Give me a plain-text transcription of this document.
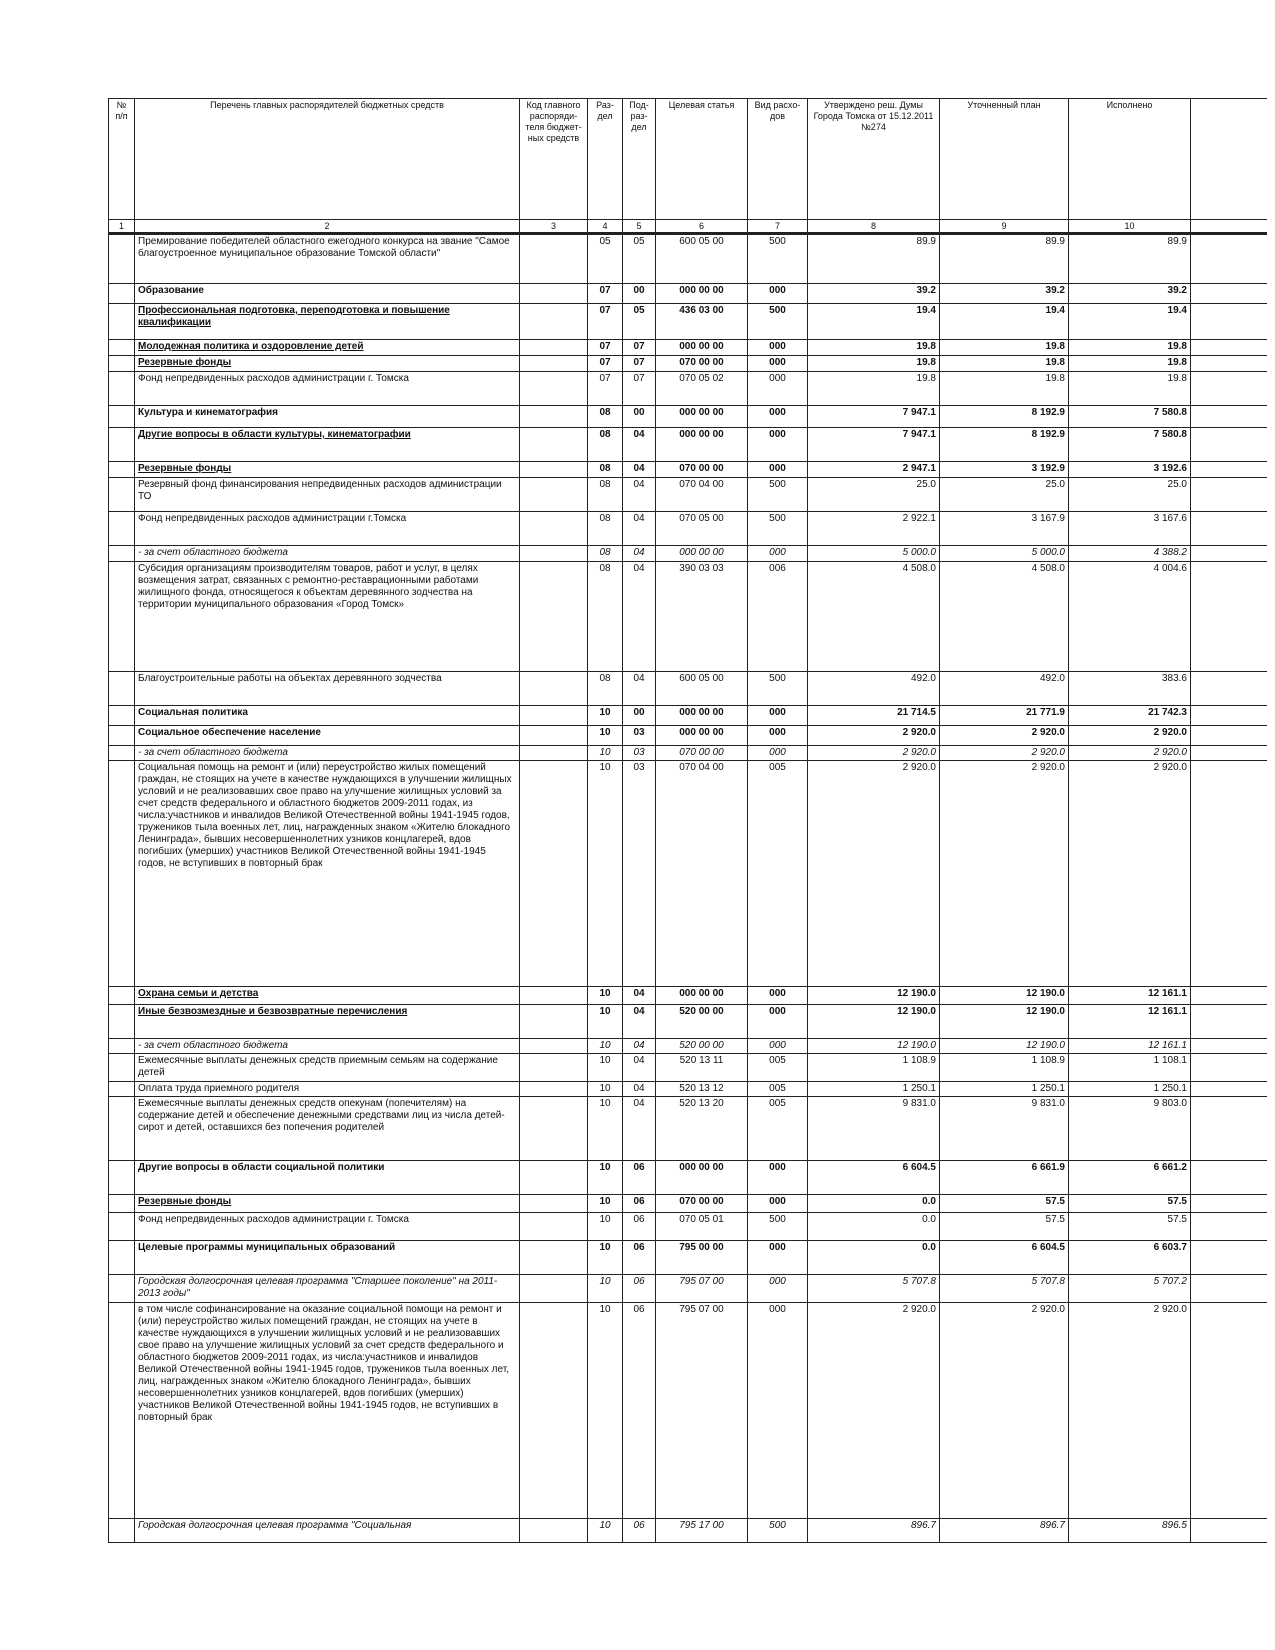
№ п/п	Перечень главных распорядителей бюджетных средств	Код главного распоряди-теля бюджет-ных средств	Раз-дел	Под-раз-дел	Целевая статья	Вид расхо-дов	Утверждено реш. Думы Города Томска от 15.12.2011 №274	Уточненный план	Исполнено	
1	2	3	4	5	6	7	8	9	10	
	Премирование победителей областного ежегодного конкурса на звание "Самое благоустроенное муниципальное образование Томской области"		05	05	600 05 00	500	89.9	89.9	89.9	
	Образование		07	00	000 00 00	000	39.2	39.2	39.2	
	Профессиональная подготовка, переподготовка и повышение квалификации		07	05	436 03 00	500	19.4	19.4	19.4	
	Молодежная политика и оздоровление детей		07	07	000 00 00	000	19.8	19.8	19.8	
	Резервные фонды		07	07	070 00 00	000	19.8	19.8	19.8	
	Фонд непредвиденных расходов администрации г. Томска		07	07	070 05 02	000	19.8	19.8	19.8	
	Культура и кинематография		08	00	000 00 00	000	7 947.1	8 192.9	7 580.8	
	Другие вопросы в области культуры, кинематографии		08	04	000 00 00	000	7 947.1	8 192.9	7 580.8	
	Резервные фонды		08	04	070 00 00	000	2 947.1	3 192.9	3 192.6	
	Резервный фонд финансирования непредвиденных расходов администрации ТО		08	04	070 04 00	500	25.0	25.0	25.0	
	Фонд непредвиденных расходов администрации г.Томска		08	04	070 05 00	500	2 922.1	3 167.9	3 167.6	
	- за счет областного бюджета		08	04	000 00 00	000	5 000.0	5 000.0	4 388.2	
	Субсидия организациям производителям товаров, работ и услуг, в целях возмещения затрат, связанных с ремонтно-реставрационными работами жилищного фонда, относящегося к объектам деревянного зодчества на территории муниципального образования «Город Томск»		08	04	390 03 03	006	4 508.0	4 508.0	4 004.6	
	Благоустроительные работы на объектах деревянного зодчества		08	04	600 05 00	500	492.0	492.0	383.6	
	Социальная политика		10	00	000 00 00	000	21 714.5	21 771.9	21 742.3	
	Социальное обеспечение население		10	03	000 00 00	000	2 920.0	2 920.0	2 920.0	
	- за счет областного бюджета		10	03	070 00 00	000	2 920.0	2 920.0	2 920.0	
	Социальная помощь на ремонт и (или) переустройство жилых помещений граждан, не стоящих на учете в качестве нуждающихся в улучшении жилищных условий и не реализовавших свое право на улучшение жилищных условий за счет средств федерального и областного бюджетов 2009-2011 годах, из числа:участников и инвалидов Великой Отечественной войны 1941-1945 годов, тружеников тыла военных лет, лиц, награжденных знаком «Жителю блокадного Ленинграда», бывших несовершеннолетних узников концлагерей, вдов погибших (умерших) участников Великой Отечественной войны 1941-1945 годов, не вступивших в повторный брак		10	03	070 04 00	005	2 920.0	2 920.0	2 920.0	
	Охрана семьи и детства		10	04	000 00 00	000	12 190.0	12 190.0	12 161.1	
	Иные безвозмездные и безвозвратные перечисления		10	04	520 00 00	000	12 190.0	12 190.0	12 161.1	
	- за счет областного бюджета		10	04	520 00 00	000	12 190.0	12 190.0	12 161.1	
	Ежемесячные выплаты денежных средств приемным семьям на содержание детей		10	04	520 13 11	005	1 108.9	1 108.9	1 108.1	
	Оплата труда приемного родителя		10	04	520 13 12	005	1 250.1	1 250.1	1 250.1	
	Ежемесячные выплаты денежных средств опекунам (попечителям) на содержание детей и обеспечение денежными средствами лиц из числа детей-сирот и детей, оставшихся без попечения родителей		10	04	520 13 20	005	9 831.0	9 831.0	9 803.0	
	Другие вопросы в области социальной политики		10	06	000 00 00	000	6 604.5	6 661.9	6 661.2	
	Резервные фонды		10	06	070 00 00	000	0.0	57.5	57.5	
	Фонд непредвиденных расходов администрации г. Томска		10	06	070 05 01	500	0.0	57.5	57.5	
	Целевые программы муниципальных образований		10	06	795 00 00	000	0.0	6 604.5	6 603.7	
	Городская долгосрочная целевая программа "Старшее поколение" на 2011-2013 годы"		10	06	795 07 00	000	5 707.8	5 707.8	5 707.2	
	в том числе софинансирование на оказание социальной помощи на ремонт и (или) переустройство жилых помещений граждан, не стоящих на учете в качестве нуждающихся в улучшении жилищных условий и не реализовавших свое право на улучшение жилищных условий за счет средств федерального и областного бюджетов 2009-2011 годах, из числа:участников и инвалидов Великой Отечественной войны 1941-1945 годов, тружеников тыла военных лет, лиц, награжденных знаком «Жителю блокадного Ленинграда», бывших несовершеннолетних узников концлагерей, вдов погибших (умерших) участников Великой Отечественной войны 1941-1945 годов, не вступивших в повторный брак		10	06	795 07 00	000	2 920.0	2 920.0	2 920.0	
	Городская долгосрочная целевая программа "Социальная		10	06	795 17 00	500	896.7	896.7	896.5	
